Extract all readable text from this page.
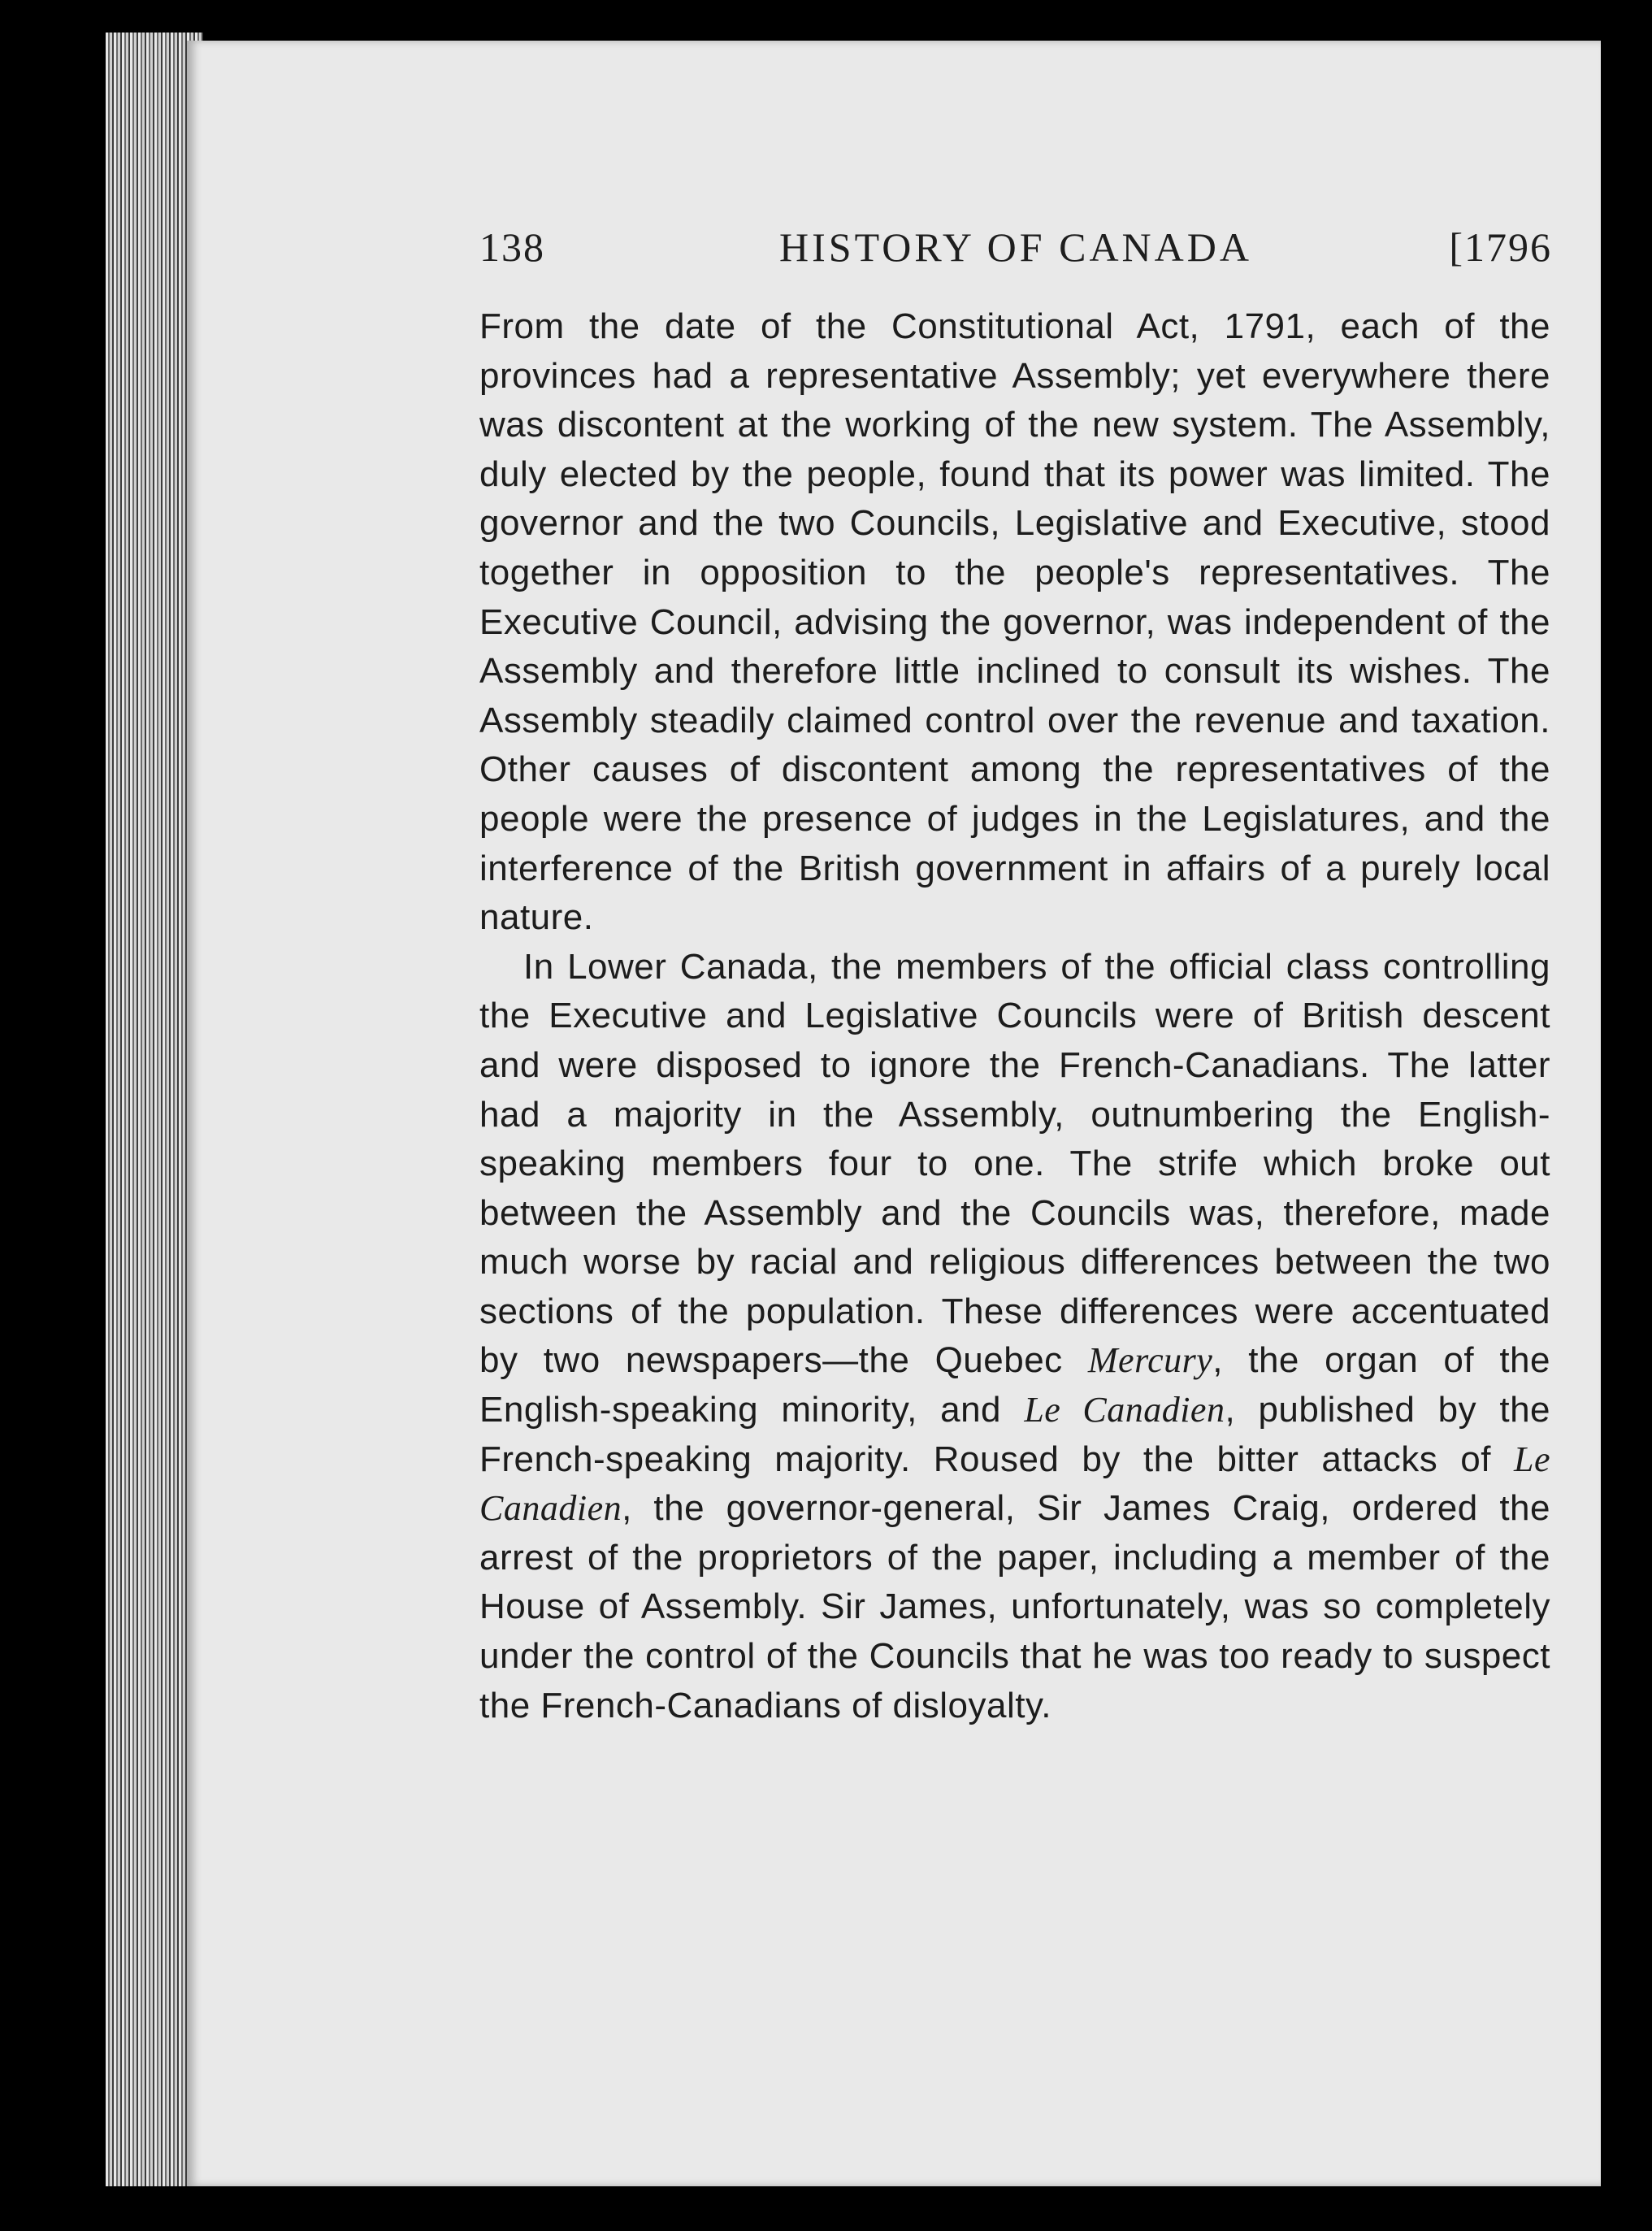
138	HISTORY OF CANADA	[1796

From the date of the Constitutional Act, 1791, each of the provinces had a representative Assembly; yet everywhere there was discontent at the working of the new system. The Assembly, duly elected by the people, found that its power was limited. The governor and the two Councils, Legislative and Executive, stood together in opposition to the people's representatives. The Executive Council, advising the governor, was independent of the Assembly and therefore little inclined to consult its wishes. The Assembly steadily claimed control over the revenue and taxation. Other causes of discontent among the representatives of the people were the presence of judges in the Legislatures, and the interference of the British government in affairs of a purely local nature.

In Lower Canada, the members of the official class controlling the Executive and Legislative Councils were of British descent and were disposed to ignore the French-Canadians. The latter had a majority in the Assembly, outnumbering the English-speaking members four to one. The strife which broke out between the Assembly and the Councils was, therefore, made much worse by racial and religious differences between the two sections of the population. These differences were accentuated by two newspapers—the Quebec Mercury, the organ of the English-speaking minority, and Le Canadien, published by the French-speaking majority. Roused by the bitter attacks of Le Canadien, the governor-general, Sir James Craig, ordered the arrest of the proprietors of the paper, including a member of the House of Assembly. Sir James, unfortunately, was so completely under the control of the Councils that he was too ready to suspect the French-Canadians of disloyalty.
